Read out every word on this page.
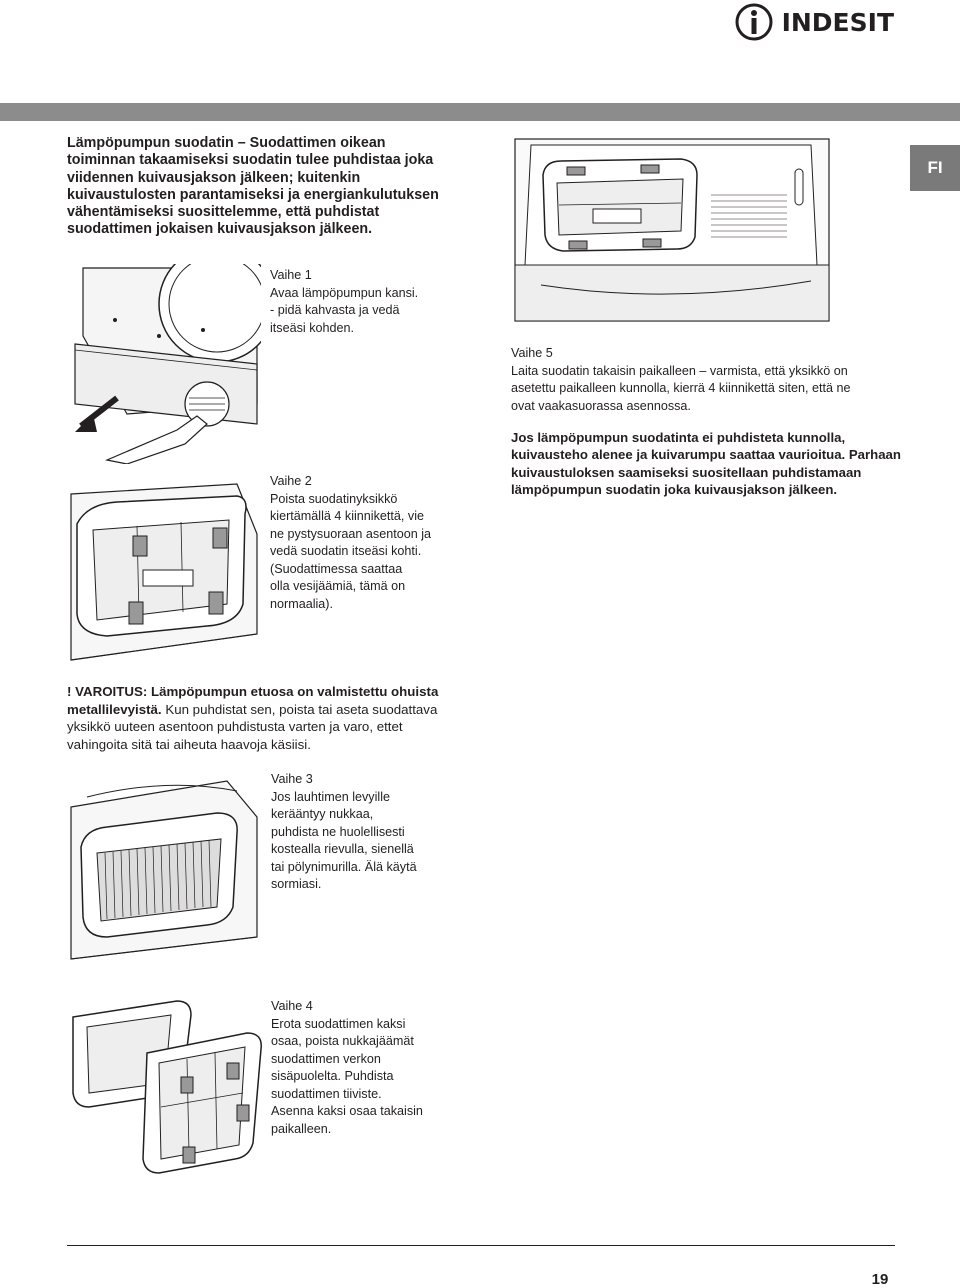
INDESIT
FI
Lämpöpumpun suodatin – Suodattimen oikean toiminnan takaamiseksi suodatin tulee puhdistaa joka viidennen kuivausjakson jälkeen; kuitenkin kuivaustulosten parantamiseksi ja energiankulutuksen vähentämiseksi suosittelemme, että puhdistat suodattimen jokaisen kuivausjakson jälkeen.

Vaihe 1

Avaa lämpöpumpun kansi.

- pidä kahvasta ja vedä

itseäsi kohden.

Vaihe 2

Poista suodatinyksikkö

kiertämällä 4 kiinnikettä, vie

ne pystysuoraan asentoon ja

vedä suodatin itseäsi kohti.

(Suodattimessa saattaa

olla vesijäämiä, tämä on

normaalia).

Vaihe 5

Laita suodatin takaisin paikalleen – varmista, että yksikkö on

asetettu paikalleen kunnolla, kierrä 4 kiinnikettä siten, että ne

ovat vaakasuorassa asennossa.

Jos lämpöpumpun suodatinta ei puhdisteta kunnolla, kuivausteho alenee ja kuivarumpu saattaa vaurioitua. Parhaan kuivaustuloksen saamiseksi suositellaan puhdistamaan lämpöpumpun suodatin joka kuivausjakson jälkeen.
! VAROITUS: Lämpöpumpun etuosa on valmistettu ohuista metallilevyistä. Kun puhdistat sen, poista tai aseta suodattava yksikkö uuteen asentoon puhdistusta varten ja varo, ettet vahingoita sitä tai aiheuta haavoja käsiisi.

Vaihe 3

Jos lauhtimen levyille

kerääntyy nukkaa,

puhdista ne huolellisesti

kostealla rievulla, sienellä

tai pölynimurilla. Älä käytä

sormiasi.

Vaihe 4

Erota suodattimen kaksi

osaa, poista nukkajäämät

suodattimen verkon

sisäpuolelta. Puhdista

suodattimen tiiviste.

Asenna kaksi osaa takaisin

paikalleen.

19
